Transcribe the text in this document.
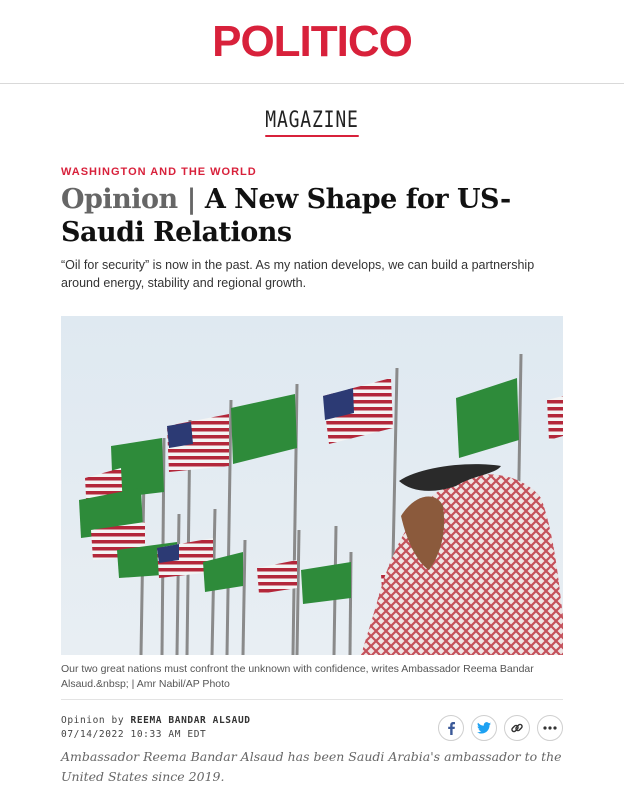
POLITICO
MAGAZINE
WASHINGTON AND THE WORLD
Opinion | A New Shape for US-Saudi Relations

“Oil for security” is now in the past. As my nation develops, we can build a partnership around energy, stability and regional growth.

Our two great nations must confront the unknown with confidence, writes Ambassador Reema Bandar Alsaud.&nbsp; | Amr Nabil/AP Photo

Opinion by REEMA BANDAR ALSAUD
07/14/2022 10:33 AM EDT

Ambassador Reema Bandar Alsaud has been Saudi Arabia's ambassador to the United States since 2019.
